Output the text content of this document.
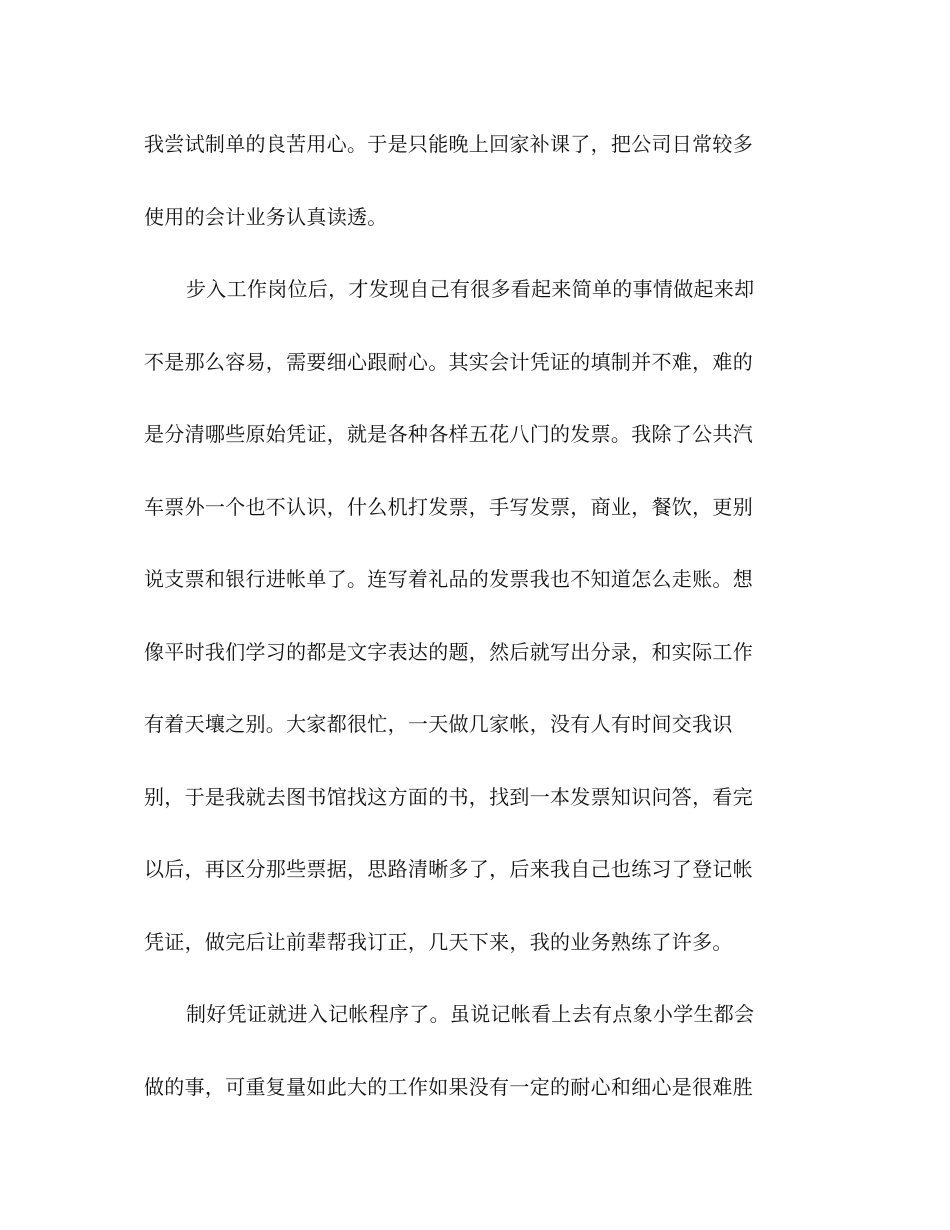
我尝试制单的良苦用心。于是只能晚上回家补课了，把公司日常较多
使用的会计业务认真读透。
步入工作岗位后，才发现自己有很多看起来简单的事情做起来却
不是那么容易，需要细心跟耐心。其实会计凭证的填制并不难，难的
是分清哪些原始凭证，就是各种各样五花八门的发票。我除了公共汽
车票外一个也不认识，什么机打发票，手写发票，商业，餐饮，更别
说支票和银行进帐单了。连写着礼品的发票我也不知道怎么走账。想
像平时我们学习的都是文字表达的题，然后就写出分录，和实际工作
有着天壤之别。大家都很忙，一天做几家帐，没有人有时间交我识
别，于是我就去图书馆找这方面的书，找到一本发票知识问答，看完
以后，再区分那些票据，思路清晰多了，后来我自己也练习了登记帐
凭证，做完后让前辈帮我订正，几天下来，我的业务熟练了许多。
制好凭证就进入记帐程序了。虽说记帐看上去有点象小学生都会
做的事，可重复量如此大的工作如果没有一定的耐心和细心是很难胜
